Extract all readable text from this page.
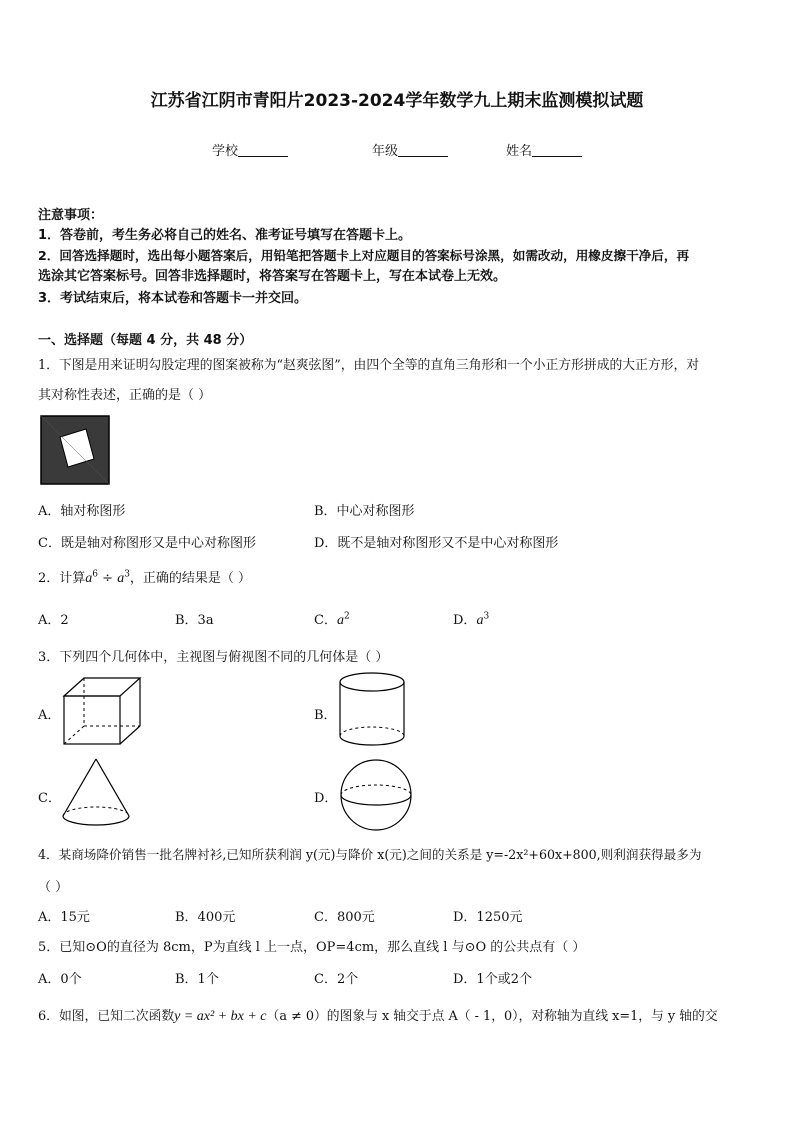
江苏省江阴市青阳片2023-2024学年数学九上期末监测模拟试题
学校	年级	姓名
注意事项：
1．答卷前，考生务必将自己的姓名、准考证号填写在答题卡上。
2．回答选择题时，选出每小题答案后，用铅笔把答题卡上对应题目的答案标号涂黑，如需改动，用橡皮擦干净后，再
选涂其它答案标号。回答非选择题时，将答案写在答题卡上，写在本试卷上无效。
3．考试结束后，将本试卷和答题卡一并交回。
一、选择题（每题 4 分，共 48 分）
1．下图是用来证明勾股定理的图案被称为“赵爽弦图”，由四个全等的直角三角形和一个小正方形拼成的大正方形，对
其对称性表述，正确的是（ ）
A．轴对称图形	B．中心对称图形
C．既是轴对称图形又是中心对称图形	D．既不是轴对称图形又不是中心对称图形
2．计算$a^6 \div a^3$，正确的结果是（ ）
A．2	B．3a	C．$a^2$	D．$a^3$
3．下列四个几何体中，主视图与俯视图不同的几何体是（ ）
A．	B．
C．	D．
4．某商场降价销售一批名牌衬衫,已知所获利润 y(元)与降价 x(元)之间的关系是 y=-2x²+60x+800,则利润获得最多为
（ ）
A．15元	B．400元	C．800元	D．1250元
5．已知⊙O的直径为 8cm，P为直线 l 上一点，OP=4cm，那么直线 l 与⊙O 的公共点有（ ）
A．0个	B．1个	C．2个	D．1个或2个
6．如图，已知二次函数y = ax² + bx + c（a ≠ 0）的图象与 x 轴交于点 A（ - 1，0），对称轴为直线 x=1，与 y 轴的交
